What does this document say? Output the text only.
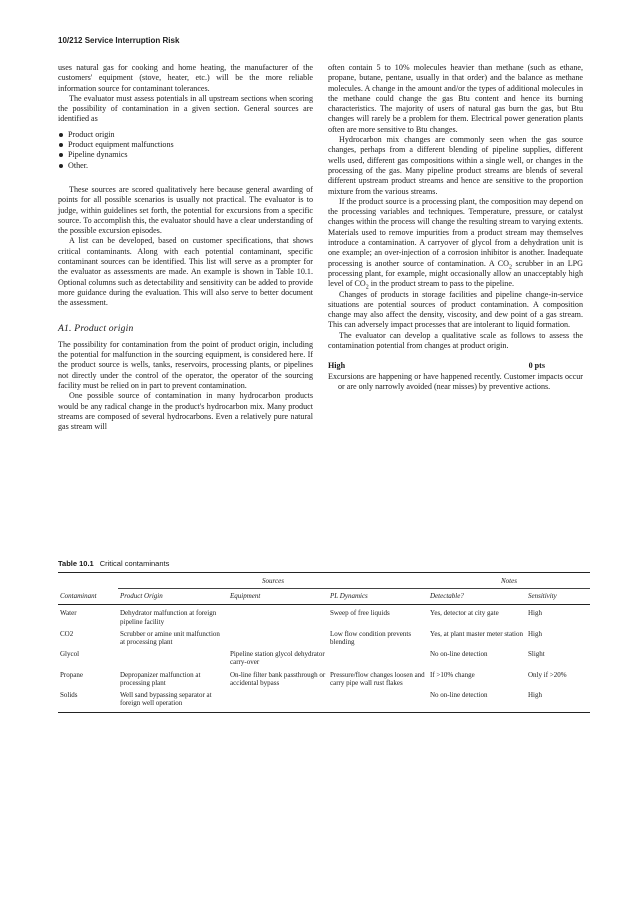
10/212 Service Interruption Risk

uses natural gas for cooking and home heating, the manufacturer of the customers' equipment (stove, heater, etc.) will be the more reliable information source for contaminant tolerances.

The evaluator must assess potentials in all upstream sections when scoring the possibility of contamination in a given section. General sources are identified as

Product origin
Product equipment malfunctions
Pipeline dynamics
Other.

These sources are scored qualitatively here because general awarding of points for all possible scenarios is usually not practical. The evaluator is to judge, within guidelines set forth, the potential for excursions from a specific source. To accomplish this, the evaluator should have a clear understanding of the possible excursion episodes.

A list can be developed, based on customer specifications, that shows critical contaminants. Along with each potential contaminant, specific contaminant sources can be identified. This list will serve as a prompter for the evaluator as assessments are made. An example is shown in Table 10.1. Optional columns such as detectability and sensitivity can be added to provide more guidance during the evaluation. This will also serve to better document the assessment.

A1. Product origin

The possibility for contamination from the point of product origin, including the potential for malfunction in the sourcing equipment, is considered here. If the product source is wells, tanks, reservoirs, processing plants, or pipelines not directly under the control of the operator, the operator of the sourcing facility must be relied on in part to prevent contamination.

One possible source of contamination in many hydrocarbon products would be any radical change in the product's hydrocarbon mix. Many product streams are composed of several hydrocarbons. Even a relatively pure natural gas stream will

often contain 5 to 10% molecules heavier than methane (such as ethane, propane, butane, pentane, usually in that order) and the balance as methane molecules. A change in the amount and/or the types of additional molecules in the methane could change the gas Btu content and hence its burning characteristics. The majority of users of natural gas burn the gas, but Btu changes will rarely be a problem for them. Electrical power generation plants often are more sensitive to Btu changes.

Hydrocarbon mix changes are commonly seen when the gas source changes, perhaps from a different blending of pipeline supplies, different wells used, different gas compositions within a single well, or changes in the processing of the gas. Many pipeline product streams are blends of several different upstream product streams and hence are sensitive to the proportion mixture from the various streams.

If the product source is a processing plant, the composition may depend on the processing variables and techniques. Temperature, pressure, or catalyst changes within the process will change the resulting stream to varying extents. Materials used to remove impurities from a product stream may themselves introduce a contamination. A carryover of glycol from a dehydration unit is one example; an over-injection of a corrosion inhibitor is another. Inadequate processing is another source of contamination. A $CO_2$ scrubber in an LPG processing plant, for example, might occasionally allow an unacceptably high level of $CO_2$ in the product stream to pass to the pipeline.

Changes of products in storage facilities and pipeline change-in-service situations are potential sources of product contamination. A composition change may also affect the density, viscosity, and dew point of a gas stream. This can adversely impact processes that are intolerant to liquid formation.

The evaluator can develop a qualitative scale as follows to assess the contamination potential from changes at product origin.

High	0 pts

Excursions are happening or have happened recently. Customer impacts occur or are only narrowly avoided (near misses) by preventive actions.

Table 10.1 Critical contaminants
	Sources			Notes	
Contaminant	Product Origin	Equipment	PL Dynamics	Detectable?	Sensitivity
Water	Dehydrator malfunction at foreign pipeline facility		Sweep of free liquids	Yes, detector at city gate	High
CO2	Scrubber or amine unit malfunction at processing plant		Low flow condition prevents blending	Yes, at plant master meter station	High
Glycol		Pipeline station glycol dehydrator carry-over		No on-line detection	Slight
Propane	Depropanizer malfunction at processing plant	On-line filter bank passthrough or accidental bypass	Pressure/flow changes loosen and carry pipe wall rust flakes	If >10% change	Only if >20%
Solids	Well sand bypassing separator at foreign well operation			No on-line detection	High
